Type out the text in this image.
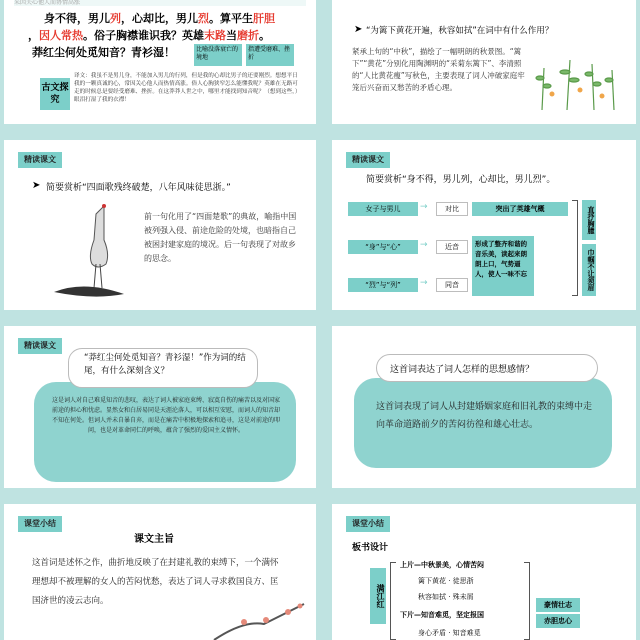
采因关心他人而协情高涨
身不得，男儿列，心却比，男儿烈。算平生肝胆
，因人常热。俗子胸襟谁识我？英雄末路当磨折。
莽红尘何处觅知音？青衫湿！	比喻没落衰亡的境地
指遭受磨难、挫折
古文探究
译文：我虽不是男儿身，不能加入男儿的行列，但是我的心却比男子的还要刚烈。想想平日我的一颗真诚的心，常因关心他人而热情高涨。俗人心胸狭窄怎么能懂我呢？英雄在无路可走的时候总是要经受磨难、挫折。在这莽莽人世之中，哪里才能找到知音呢？（想到这些，）眼泪打湿了我的衣襟！
➤ “为篱下黄花开遍，秋容如拭”在词中有什么作用？
紧承上句的“中秋”，描绘了一幅明朗的秋景图。“篱下”“黄花”分别化用陶渊明的“采菊东篱下”、李清照的“人比黄花瘦”写秋色，主要表现了词人冲破家庭牢笼后兴奋而又愁苦的矛盾心理。
精读课文
➤ 简要赏析“四面歌残终破楚，八年风味徒思浙。”
前一句化用了“四面楚歌”的典故，喻指中国被列强入侵、前途危险的处境，也暗指自己被困封建家庭的境况。后一句表现了对故乡的思念。
精读课文
简要赏析“身不得，男儿列，心却比，男儿烈”。
女子与男儿
“身”与“心”
“烈”与“列”
→
→
→
对比
近音
同音
突出了英雄气概
形成了整齐和谐的音乐美，读起来朗朗上口，气势逼人，使人一味不忘
直抒胸臆
巾帼不让须眉
精读课文
“莽红尘何处觅知音？青衫湿！”作为词的结尾，有什么深刻含义？
这是词人对自己难觅知音的悲叹，表达了词人被家庭束缚、寂寞自伤的痛苦以及对国家前途的担心和忧虑。显然女和白居易同是天涯沦落人，可以相互安慰，而词人的知音却不知在何处。但词人并未自暴自弃，而是在痛苦中积极地探索和追寻，这是对前途的叩问，也是对革命同仁的呼唤，蕴含了强烈的爱国主义情怀。
这首词表达了词人怎样的思想感情？
这首词表现了词人从封建婚姻家庭和旧礼教的束缚中走向革命道路前夕的苦闷彷徨和雄心壮志。
课堂小结
课文主旨
这首词是述怀之作，曲折地反映了在封建礼教的束缚下，一个满怀理想却不被理解的女人的苦闷忧愁，表达了词人寻求救国良方、匡国济世的凌云志向。
课堂小结
板书设计
满江红
上片—中秋景美，心情苦闷
篱下黄花 · 徒思浙
秋容如拭 · 殊未屑
下片—知音难觅，坚定报国
身心矛盾 · 知音难觅
豪情壮志
赤胆忠心
